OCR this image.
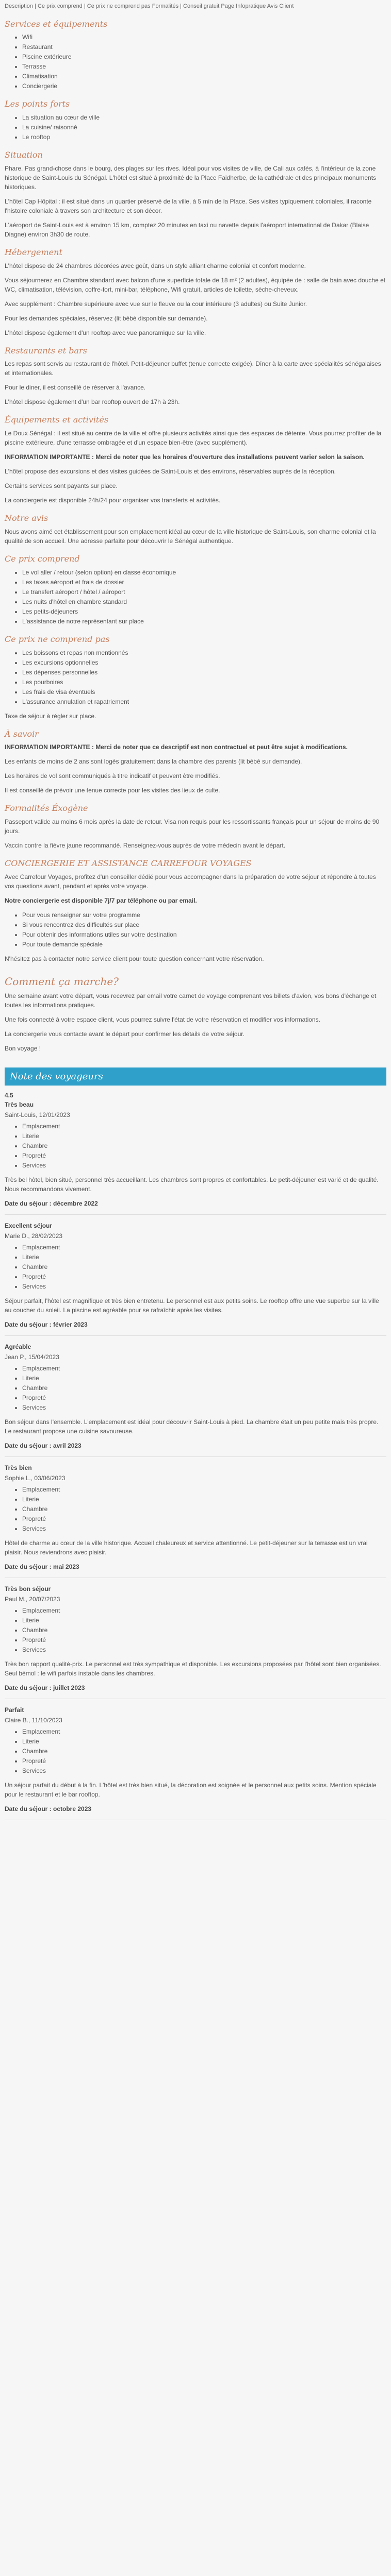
Description | Ce prix comprend | Ce prix ne comprend pas Formalités | Conseil gratuit Page Infopratique Avis Client
Services et équipements
• Wifi
• Restaurant
• Piscine extérieure
• Terrasse
• Climatisation
• Conciergerie
Les points forts
• La situation au cœur de ville
• La cuisine/ raisonné
• Le rooftop
Situation

Phare. Pas grand-chose dans le bourg, des plages sur les rives. Idéal pour vos visites de ville, de Cali aux cafés, à l'intérieur de la zone historique de Saint-Louis du Sénégal. L'hôtel est situé à proximité de la Place Faidherbe, de la cathédrale et des principaux monuments historiques.

L'hôtel Cap Hôpital : il est situé dans un quartier préservé de la ville, à 5 min de la Place. Ses visites typiquement coloniales, il raconte l'histoire coloniale à travers son architecture et son décor.

L'aéroport de Saint-Louis est à environ 15 km, comptez 20 minutes en taxi ou navette depuis l'aéroport international de Dakar (Blaise Diagne) environ 3h30 de route.

Hébergement

L'hôtel dispose de 24 chambres décorées avec goût, dans un style alliant charme colonial et confort moderne.

Vous séjournerez en Chambre standard avec balcon d'une superficie totale de 18 m² (2 adultes), équipée de : salle de bain avec douche et WC, climatisation, télévision, coffre-fort, mini-bar, téléphone, Wifi gratuit, articles de toilette, sèche-cheveux.

Avec supplément : Chambre supérieure avec vue sur le fleuve ou la cour intérieure (3 adultes) ou Suite Junior.

Pour les demandes spéciales, réservez (lit bébé disponible sur demande).

L'hôtel dispose également d'un rooftop avec vue panoramique sur la ville.

Restaurants et bars

Les repas sont servis au restaurant de l'hôtel. Petit-déjeuner buffet (tenue correcte exigée). Dîner à la carte avec spécialités sénégalaises et internationales.

Pour le diner, il est conseillé de réserver à l'avance.

L'hôtel dispose également d'un bar rooftop ouvert de 17h à 23h.

Équipements et activités

Le Doux Sénégal : il est situé au centre de la ville et offre plusieurs activités ainsi que des espaces de détente. Vous pourrez profiter de la piscine extérieure, d'une terrasse ombragée et d'un espace bien-être (avec supplément).

INFORMATION IMPORTANTE : Merci de noter que les horaires d'ouverture des installations peuvent varier selon la saison.

L'hôtel propose des excursions et des visites guidées de Saint-Louis et des environs, réservables auprès de la réception.

Certains services sont payants sur place.

La conciergerie est disponible 24h/24 pour organiser vos transferts et activités.

Notre avis

Nous avons aimé cet établissement pour son emplacement idéal au cœur de la ville historique de Saint-Louis, son charme colonial et la qualité de son accueil. Une adresse parfaite pour découvrir le Sénégal authentique.

Ce prix comprend
• Le vol aller / retour (selon option) en classe économique
• Les taxes aéroport et frais de dossier
• Le transfert aéroport / hôtel / aéroport
• Les nuits d'hôtel en chambre standard
• Les petits-déjeuners
• L'assistance de notre représentant sur place
Ce prix ne comprend pas
• Les boissons et repas non mentionnés
• Les excursions optionnelles
• Les dépenses personnelles
• Les pourboires
• Les frais de visa éventuels
• L'assurance annulation et rapatriement

Taxe de séjour à régler sur place.

À savoir

INFORMATION IMPORTANTE : Merci de noter que ce descriptif est non contractuel et peut être sujet à modifications.

Les enfants de moins de 2 ans sont logés gratuitement dans la chambre des parents (lit bébé sur demande).

Les horaires de vol sont communiqués à titre indicatif et peuvent être modifiés.

Il est conseillé de prévoir une tenue correcte pour les visites des lieux de culte.

Formalités Éxogène

Passeport valide au moins 6 mois après la date de retour. Visa non requis pour les ressortissants français pour un séjour de moins de 90 jours.

Vaccin contre la fièvre jaune recommandé. Renseignez-vous auprès de votre médecin avant le départ.

CONCIERGERIE ET ASSISTANCE CARREFOUR VOYAGES

Avec Carrefour Voyages, profitez d'un conseiller dédié pour vous accompagner dans la préparation de votre séjour et répondre à toutes vos questions avant, pendant et après votre voyage.

Notre conciergerie est disponible 7j/7 par téléphone ou par email.

• Pour vous renseigner sur votre programme
• Si vous rencontrez des difficultés sur place
• Pour obtenir des informations utiles sur votre destination
• Pour toute demande spéciale

N'hésitez pas à contacter notre service client pour toute question concernant votre réservation.

Comment ça marche?

Une semaine avant votre départ, vous recevrez par email votre carnet de voyage comprenant vos billets d'avion, vos bons d'échange et toutes les informations pratiques.

Une fois connecté à votre espace client, vous pourrez suivre l'état de votre réservation et modifier vos informations.

La conciergerie vous contacte avant le départ pour confirmer les détails de votre séjour.

Bon voyage !

Note des voyageurs
4.5
Très beau
Saint-Louis, 12/01/2023
• Emplacement
• Literie
• Chambre
• Propreté
• Services

Très bel hôtel, bien situé, personnel très accueillant. Les chambres sont propres et confortables. Le petit-déjeuner est varié et de qualité. Nous recommandons vivement.

Date du séjour : décembre 2022

Excellent séjour
Marie D., 28/02/2023
• Emplacement
• Literie
• Chambre
• Propreté
• Services

Séjour parfait, l'hôtel est magnifique et très bien entretenu. Le personnel est aux petits soins. Le rooftop offre une vue superbe sur la ville au coucher du soleil. La piscine est agréable pour se rafraîchir après les visites.

Date du séjour : février 2023

Agréable
Jean P., 15/04/2023
• Emplacement
• Literie
• Chambre
• Propreté
• Services

Bon séjour dans l'ensemble. L'emplacement est idéal pour découvrir Saint-Louis à pied. La chambre était un peu petite mais très propre. Le restaurant propose une cuisine savoureuse.

Date du séjour : avril 2023

Très bien
Sophie L., 03/06/2023
• Emplacement
• Literie
• Chambre
• Propreté
• Services

Hôtel de charme au cœur de la ville historique. Accueil chaleureux et service attentionné. Le petit-déjeuner sur la terrasse est un vrai plaisir. Nous reviendrons avec plaisir.

Date du séjour : mai 2023

Très bon séjour
Paul M., 20/07/2023
• Emplacement
• Literie
• Chambre
• Propreté
• Services

Très bon rapport qualité-prix. Le personnel est très sympathique et disponible. Les excursions proposées par l'hôtel sont bien organisées. Seul bémol : le wifi parfois instable dans les chambres.

Date du séjour : juillet 2023

Parfait
Claire B., 11/10/2023
• Emplacement
• Literie
• Chambre
• Propreté
• Services

Un séjour parfait du début à la fin. L'hôtel est très bien situé, la décoration est soignée et le personnel aux petits soins. Mention spéciale pour le restaurant et le bar rooftop.

Date du séjour : octobre 2023
